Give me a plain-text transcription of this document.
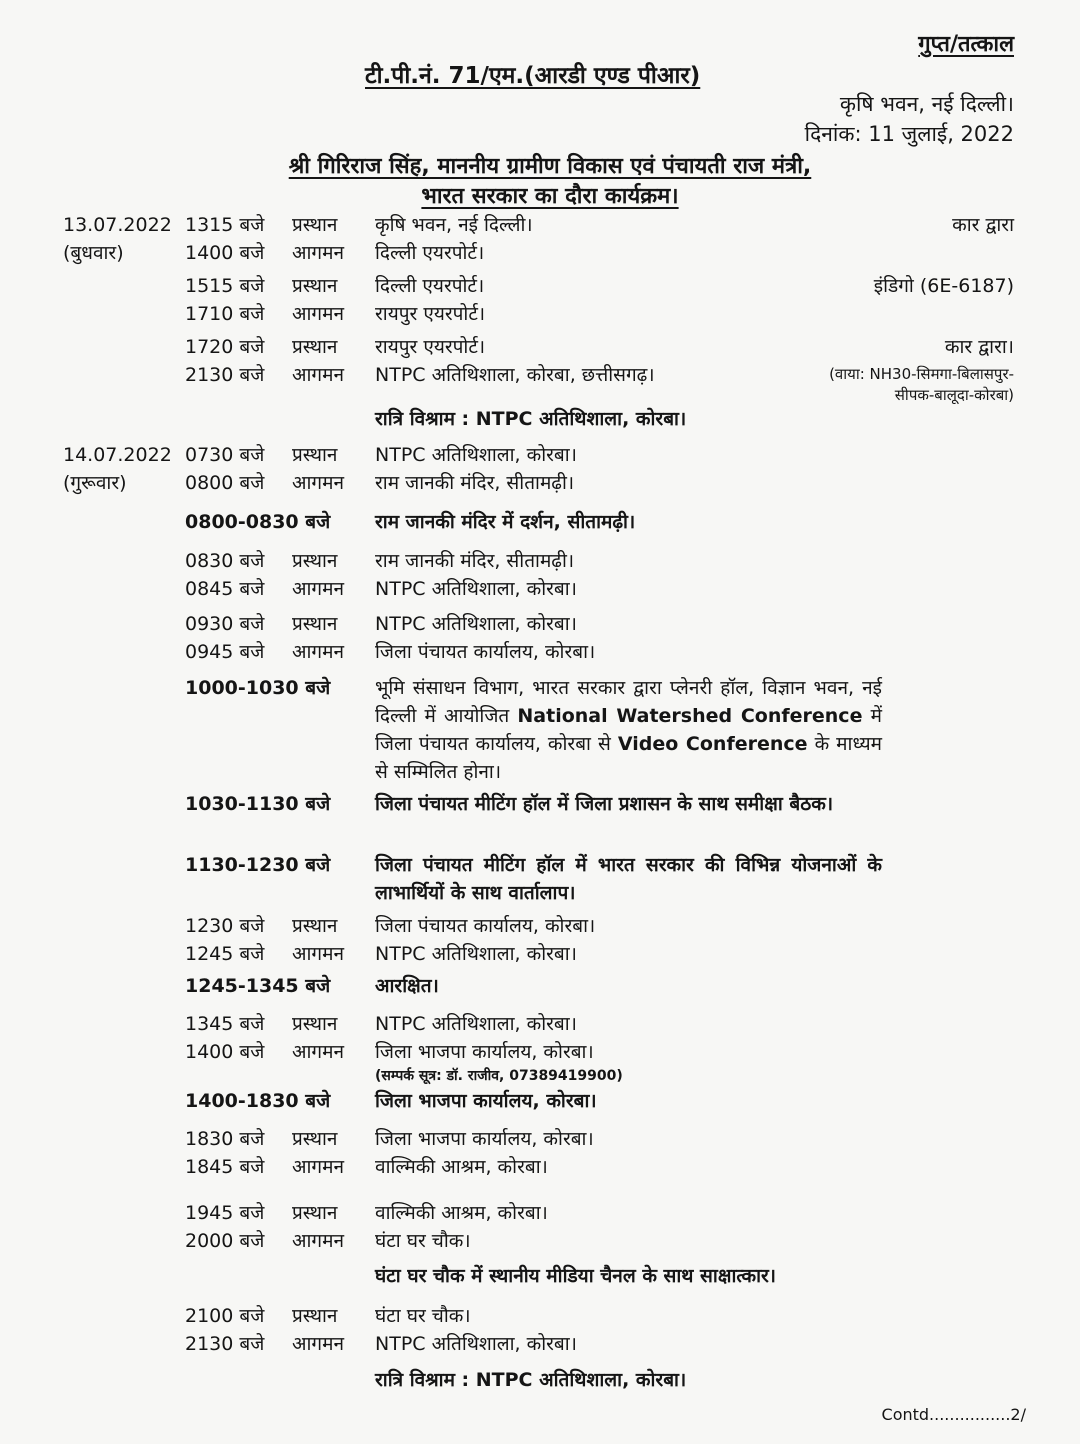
गुप्त/तत्काल
टी.पी.नं. 71/एम.(आरडी एण्ड पीआर)
कृषि भवन, नई दिल्ली।
दिनांक: 11 जुलाई, 2022
श्री गिरिराज सिंह, माननीय ग्रामीण विकास एवं पंचायती राज मंत्री,
भारत सरकार का दौरा कार्यक्रम।
13.07.2022
(बुधवार)
1315 बजे प्रस्थान कृषि भवन, नई दिल्ली।
1400 बजे आगमन दिल्ली एयरपोर्ट।
1515 बजे प्रस्थान दिल्ली एयरपोर्ट।
1710 बजे आगमन रायपुर एयरपोर्ट।
1720 बजे प्रस्थान रायपुर एयरपोर्ट।
2130 बजे आगमन NTPC अतिथिशाला, कोरबा, छत्तीसगढ़।
कार द्वारा
इंडिगो (6E-6187)
कार द्वारा।
(वाया: NH30-सिमगा-बिलासपुर-
सीपक-बालूदा-कोरबा)
रात्रि विश्राम : NTPC अतिथिशाला, कोरबा।
14.07.2022
(गुरूवार)
0730 बजे प्रस्थान NTPC अतिथिशाला, कोरबा।
0800 बजे आगमन राम जानकी मंदिर, सीतामढ़ी।
0800-0830 बजे राम जानकी मंदिर में दर्शन, सीतामढ़ी।
0830 बजे प्रस्थान राम जानकी मंदिर, सीतामढ़ी।
0845 बजे आगमन NTPC अतिथिशाला, कोरबा।
0930 बजे प्रस्थान NTPC अतिथिशाला, कोरबा।
0945 बजे आगमन जिला पंचायत कार्यालय, कोरबा।
1000-1030 बजे भूमि संसाधन विभाग, भारत सरकार द्वारा प्लेनरी हॉल, विज्ञान भवन, नई दिल्ली में आयोजित National Watershed Conference में जिला पंचायत कार्यालय, कोरबा से Video Conference के माध्यम से सम्मिलित होना।
1030-1130 बजे जिला पंचायत मीटिंग हॉल में जिला प्रशासन के साथ समीक्षा बैठक।
1130-1230 बजे जिला पंचायत मीटिंग हॉल में भारत सरकार की विभिन्न योजनाओं के लाभार्थियों के साथ वार्तालाप।
1230 बजे प्रस्थान जिला पंचायत कार्यालय, कोरबा।
1245 बजे आगमन NTPC अतिथिशाला, कोरबा।
1245-1345 बजे आरक्षित।
1345 बजे प्रस्थान NTPC अतिथिशाला, कोरबा।
1400 बजे आगमन जिला भाजपा कार्यालय, कोरबा।
(सम्पर्क सूत्र: डॉ. राजीव, 07389419900)
1400-1830 बजे जिला भाजपा कार्यालय, कोरबा।
1830 बजे प्रस्थान जिला भाजपा कार्यालय, कोरबा।
1845 बजे आगमन वाल्मिकी आश्रम, कोरबा।
1945 बजे प्रस्थान वाल्मिकी आश्रम, कोरबा।
2000 बजे आगमन घंटा घर चौक।
घंटा घर चौक में स्थानीय मीडिया चैनल के साथ साक्षात्कार।
2100 बजे प्रस्थान घंटा घर चौक।
2130 बजे आगमन NTPC अतिथिशाला, कोरबा।
रात्रि विश्राम : NTPC अतिथिशाला, कोरबा।
Contd................2/
